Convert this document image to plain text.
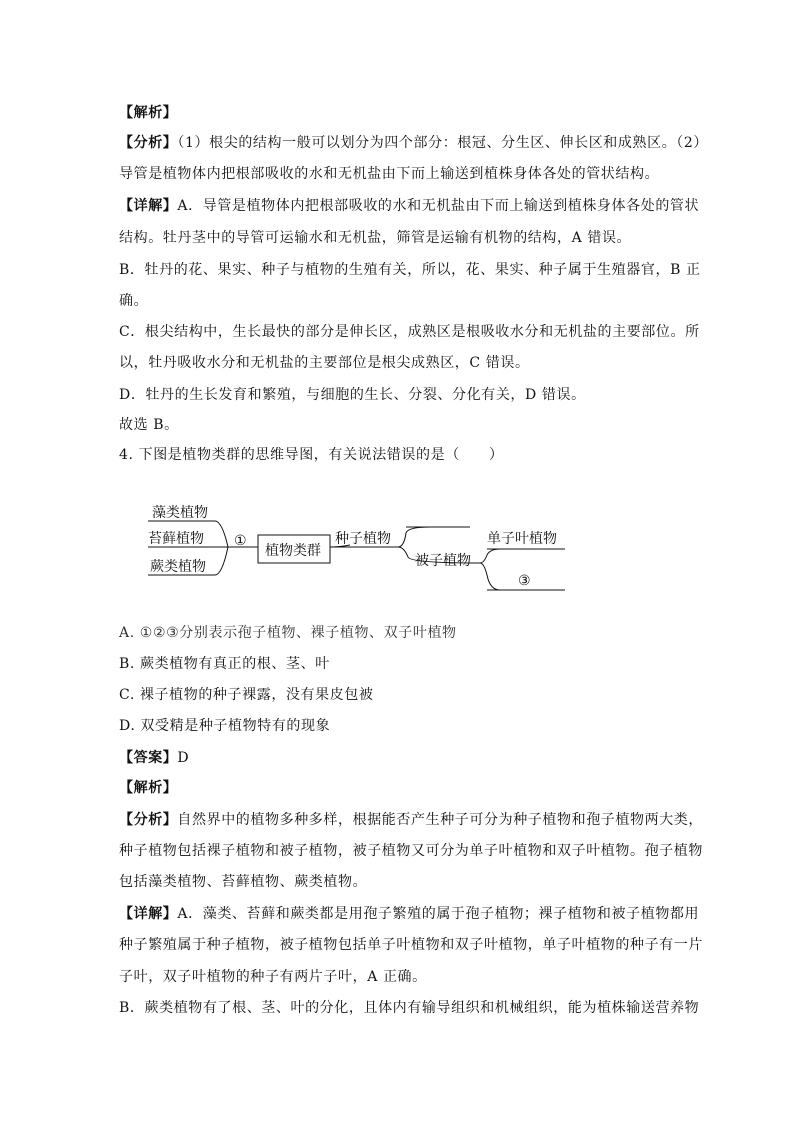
【解析】
【分析】（1）根尖的结构一般可以划分为四个部分：根冠、分生区、伸长区和成熟区。（2）
导管是植物体内把根部吸收的水和无机盐由下而上输送到植株身体各处的管状结构。
【详解】A．导管是植物体内把根部吸收的水和无机盐由下而上输送到植株身体各处的管状
结构。牡丹茎中的导管可运输水和无机盐，筛管是运输有机物的结构，A 错误。
B．牡丹的花、果实、种子与植物的生殖有关，所以，花、果实、种子属于生殖器官，B 正
确。
C．根尖结构中，生长最快的部分是伸长区，成熟区是根吸收水分和无机盐的主要部位。所
以，牡丹吸收水分和无机盐的主要部位是根尖成熟区，C 错误。
D．牡丹的生长发育和繁殖，与细胞的生长、分裂、分化有关，D 错误。
故选 B。
4. 下图是植物类群的思维导图，有关说法错误的是（　　）
A. ①②③分别表示孢子植物、裸子植物、双子叶植物
B. 蕨类植物有真正的根、茎、叶
C. 裸子植物的种子裸露，没有果皮包被
D. 双受精是种子植物特有的现象
【答案】D
【解析】
【分析】自然界中的植物多种多样，根据能否产生种子可分为种子植物和孢子植物两大类，
种子植物包括裸子植物和被子植物，被子植物又可分为单子叶植物和双子叶植物。孢子植物
包括藻类植物、苔藓植物、蕨类植物。
【详解】A．藻类、苔藓和蕨类都是用孢子繁殖的属于孢子植物；裸子植物和被子植物都用
种子繁殖属于种子植物，被子植物包括单子叶植物和双子叶植物，单子叶植物的种子有一片
子叶，双子叶植物的种子有两片子叶，A 正确。
B．蕨类植物有了根、茎、叶的分化，且体内有输导组织和机械组织，能为植株输送营养物
藻类植物
苔藓植物
蕨类植物
①
植物类群
种子植物
被子植物
单子叶植物
③
